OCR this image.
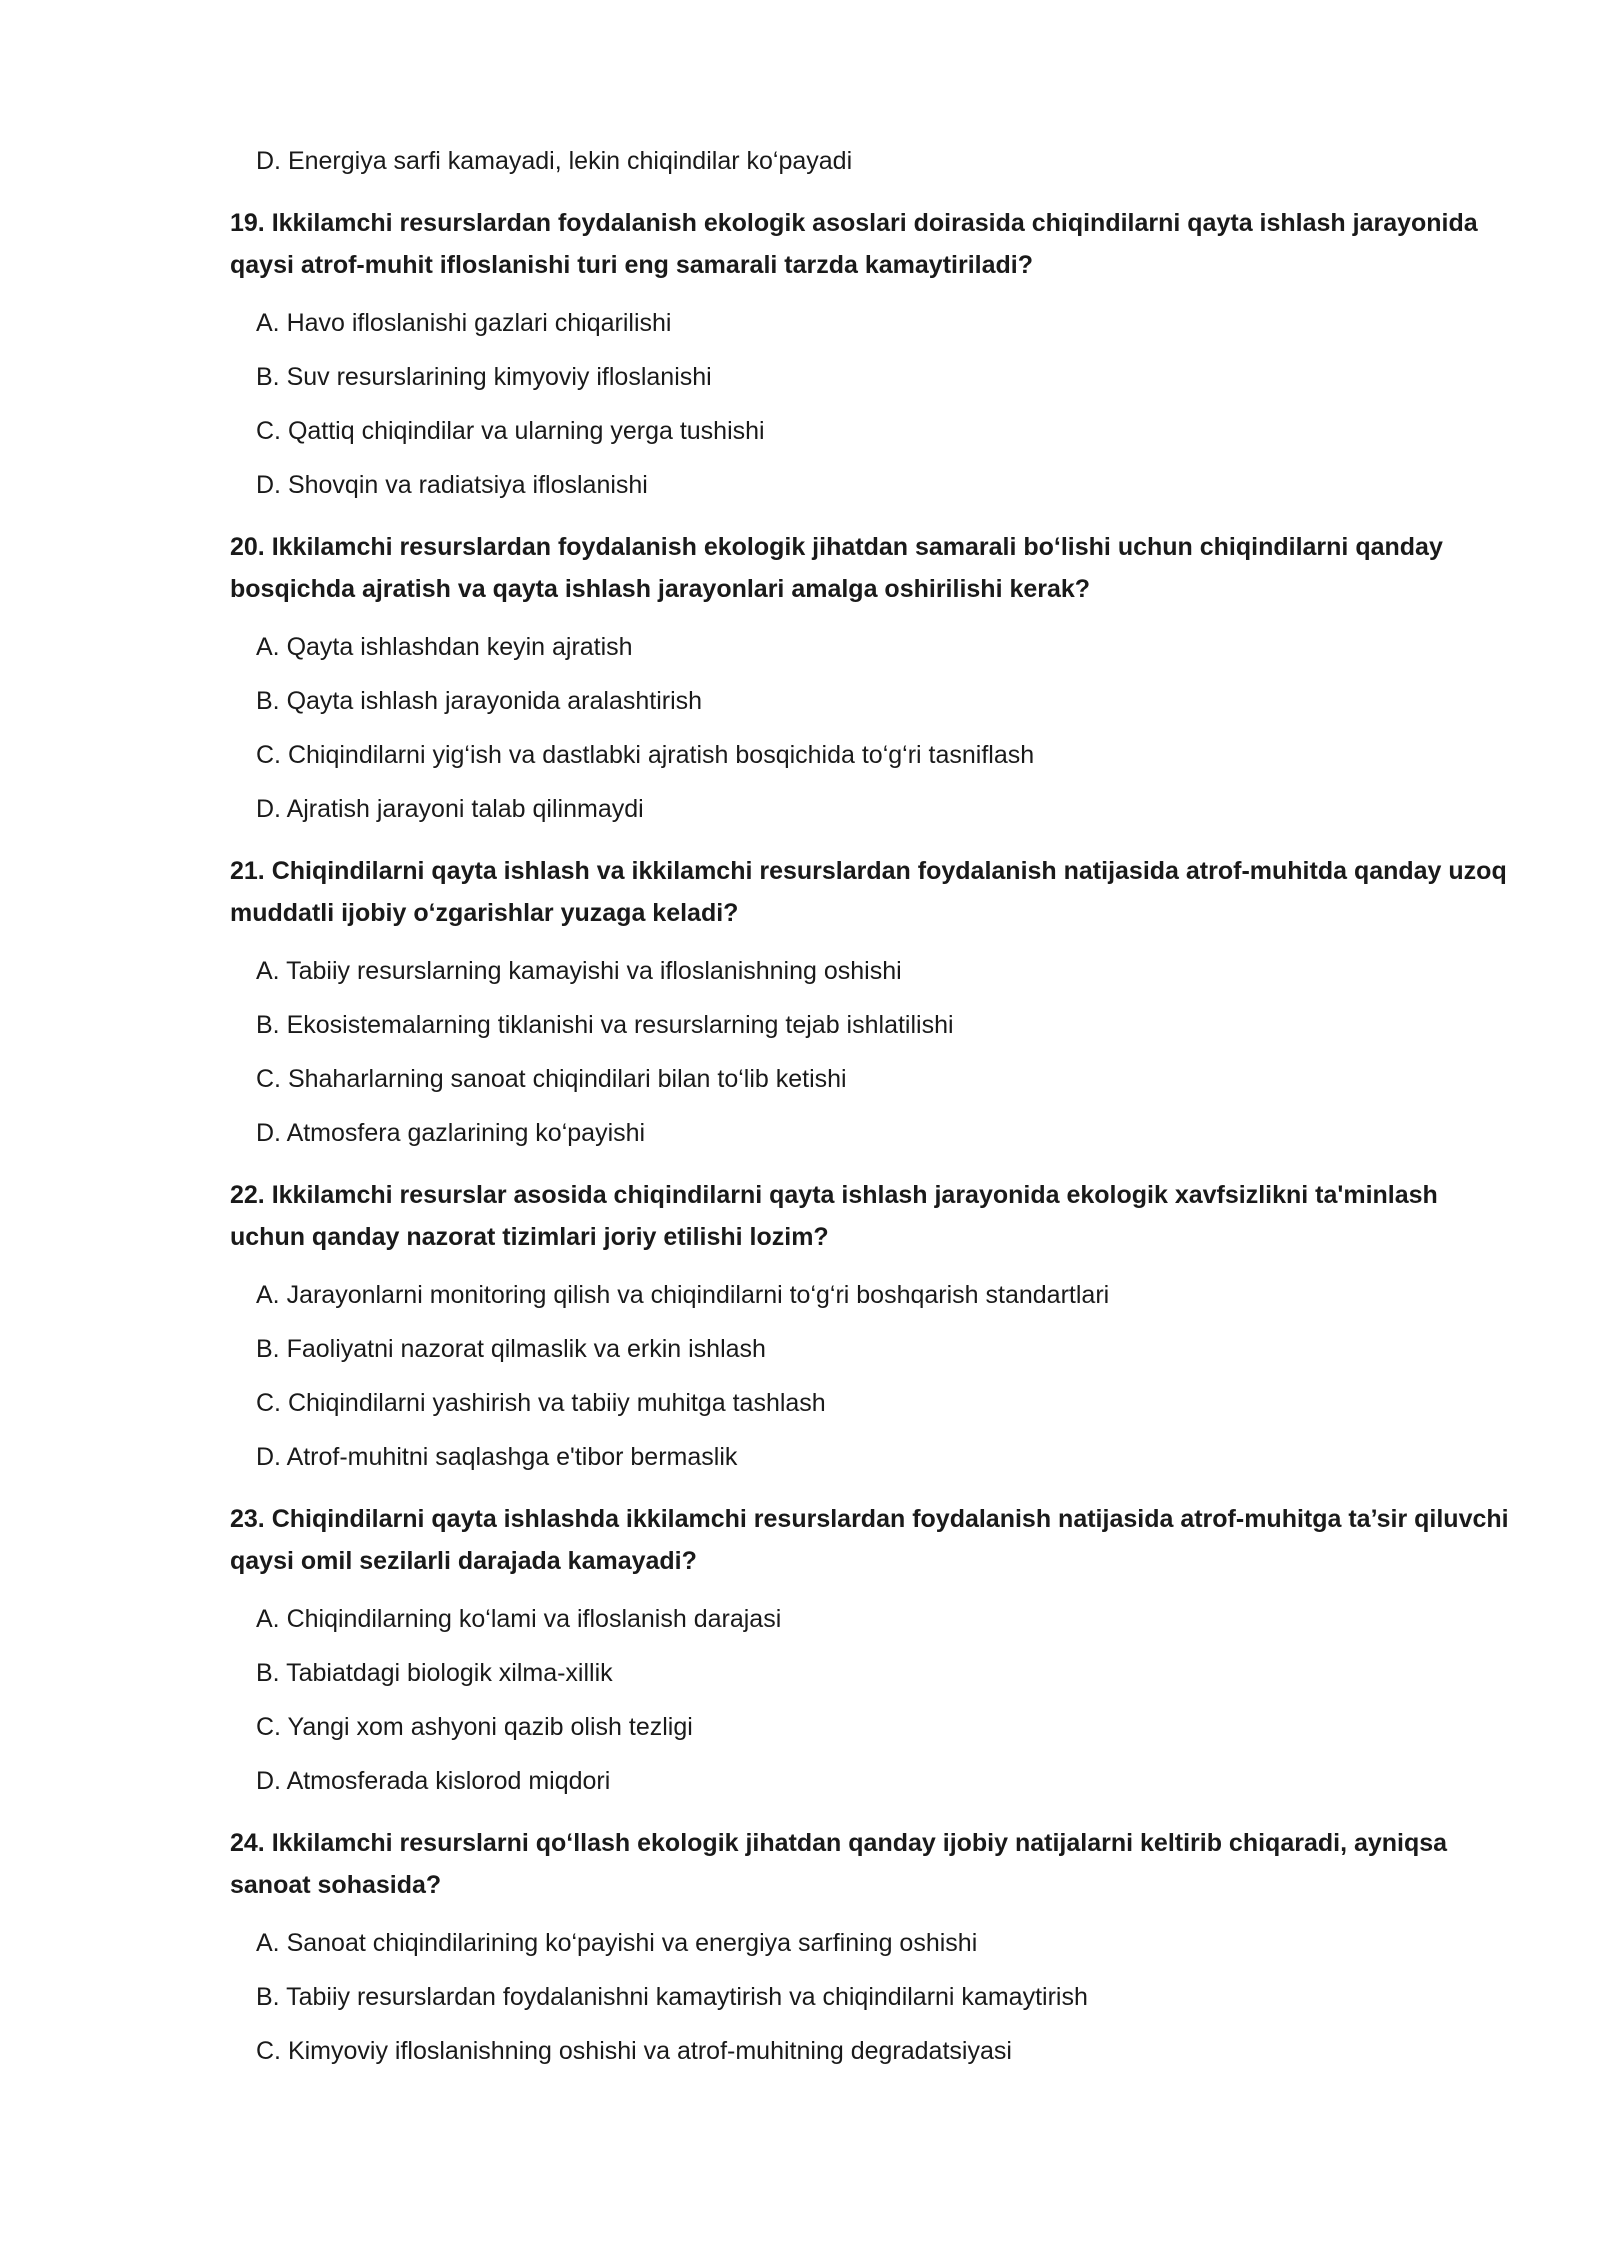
D. Energiya sarfi kamayadi, lekin chiqindilar ko‘payadi

19. Ikkilamchi resurslardan foydalanish ekologik asoslari doirasida chiqindilarni qayta ishlash jarayonida qaysi atrof-muhit ifloslanishi turi eng samarali tarzda kamaytiriladi?

A. Havo ifloslanishi gazlari chiqarilishi

B. Suv resurslarining kimyoviy ifloslanishi

C. Qattiq chiqindilar va ularning yerga tushishi

D. Shovqin va radiatsiya ifloslanishi

20. Ikkilamchi resurslardan foydalanish ekologik jihatdan samarali bo‘lishi uchun chiqindilarni qanday bosqichda ajratish va qayta ishlash jarayonlari amalga oshirilishi kerak?

A. Qayta ishlashdan keyin ajratish

B. Qayta ishlash jarayonida aralashtirish

C. Chiqindilarni yig‘ish va dastlabki ajratish bosqichida to‘g‘ri tasniflash

D. Ajratish jarayoni talab qilinmaydi

21. Chiqindilarni qayta ishlash va ikkilamchi resurslardan foydalanish natijasida atrof-muhitda qanday uzoq muddatli ijobiy o‘zgarishlar yuzaga keladi?

A. Tabiiy resurslarning kamayishi va ifloslanishning oshishi

B. Ekosistemalarning tiklanishi va resurslarning tejab ishlatilishi

C. Shaharlarning sanoat chiqindilari bilan to‘lib ketishi

D. Atmosfera gazlarining ko‘payishi

22. Ikkilamchi resurslar asosida chiqindilarni qayta ishlash jarayonida ekologik xavfsizlikni ta'minlash uchun qanday nazorat tizimlari joriy etilishi lozim?

A. Jarayonlarni monitoring qilish va chiqindilarni to‘g‘ri boshqarish standartlari

B. Faoliyatni nazorat qilmaslik va erkin ishlash

C. Chiqindilarni yashirish va tabiiy muhitga tashlash

D. Atrof-muhitni saqlashga e'tibor bermaslik

23. Chiqindilarni qayta ishlashda ikkilamchi resurslardan foydalanish natijasida atrof-muhitga ta’sir qiluvchi qaysi omil sezilarli darajada kamayadi?

A. Chiqindilarning ko‘lami va ifloslanish darajasi

B. Tabiatdagi biologik xilma-xillik

C. Yangi xom ashyoni qazib olish tezligi

D. Atmosferada kislorod miqdori

24. Ikkilamchi resurslarni qo‘llash ekologik jihatdan qanday ijobiy natijalarni keltirib chiqaradi, ayniqsa sanoat sohasida?

A. Sanoat chiqindilarining ko‘payishi va energiya sarfining oshishi

B. Tabiiy resurslardan foydalanishni kamaytirish va chiqindilarni kamaytirish

C. Kimyoviy ifloslanishning oshishi va atrof-muhitning degradatsiyasi
